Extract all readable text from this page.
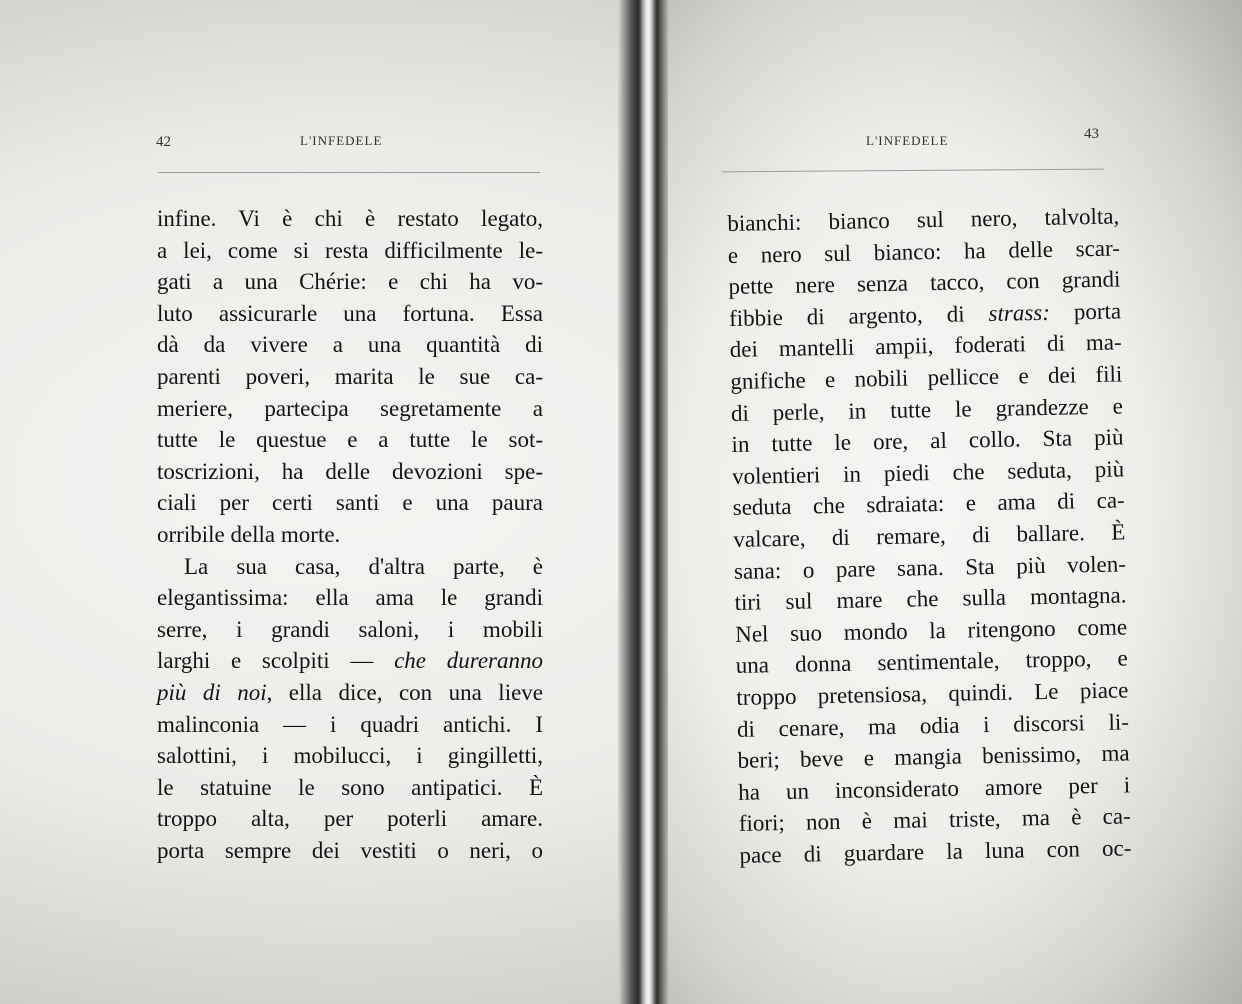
42	L'INFEDELE
infine. Vi è chi è restato legato,
a lei, come si resta difficilmente le-
gati a una Chérie: e chi ha vo-
luto assicurarle una fortuna. Essa
dà da vivere a una quantità di
parenti poveri, marita le sue ca-
meriere, partecipa segretamente a
tutte le questue e a tutte le sot-
toscrizioni, ha delle devozioni spe-
ciali per certi santi e una paura
orribile della morte.
La sua casa, d'altra parte, è
elegantissima: ella ama le grandi
serre, i grandi saloni, i mobili
larghi e scolpiti — che dureranno
più di noi, ella dice, con una lieve
malinconia — i quadri antichi. I
salottini, i mobilucci, i gingilletti,
le statuine le sono antipatici. È
troppo alta, per poterli amare.
porta sempre dei vestiti o neri, o
L'INFEDELE	43
bianchi: bianco sul nero, talvolta,
e nero sul bianco: ha delle scar-
pette nere senza tacco, con grandi
fibbie di argento, di strass: porta
dei mantelli ampii, foderati di ma-
gnifiche e nobili pellicce e dei fili
di perle, in tutte le grandezze e
in tutte le ore, al collo. Sta più
volentieri in piedi che seduta, più
seduta che sdraiata: e ama di ca-
valcare, di remare, di ballare. È
sana: o pare sana. Sta più volen-
tiri sul mare che sulla montagna.
Nel suo mondo la ritengono come
una donna sentimentale, troppo, e
troppo pretensiosa, quindi. Le piace
di cenare, ma odia i discorsi li-
beri; beve e mangia benissimo, ma
ha un inconsiderato amore per i
fiori; non è mai triste, ma è ca-
pace di guardare la luna con oc-
